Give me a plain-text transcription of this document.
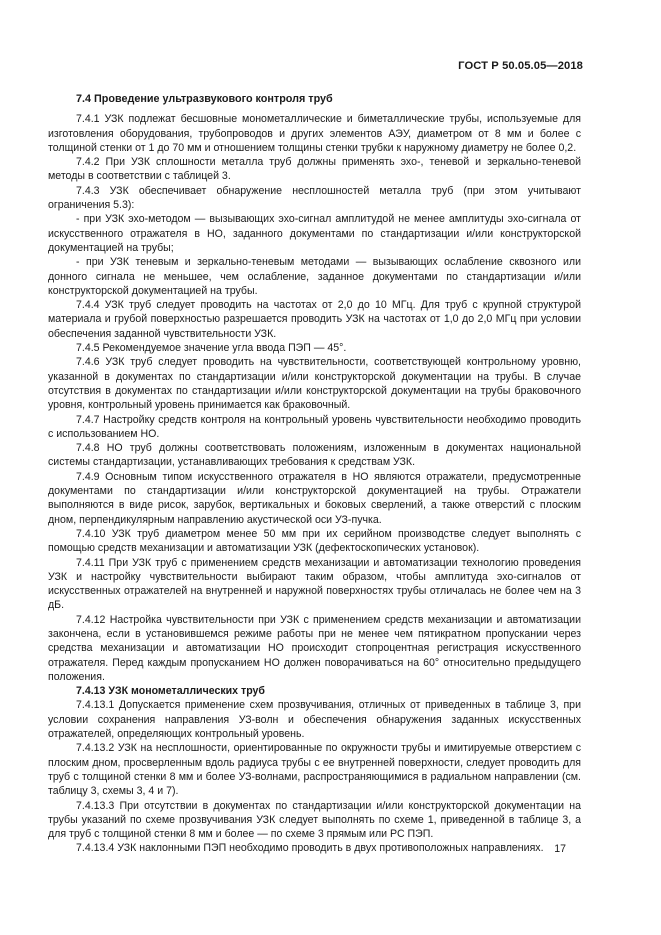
ГОСТ Р 50.05.05—2018
7.4 Проведение ультразвукового контроля труб

7.4.1 УЗК подлежат бесшовные монометаллические и биметаллические трубы, используемые для изготовления оборудования, трубопроводов и других элементов АЭУ, диаметром от 8 мм и более с толщиной стенки от 1 до 70 мм и отношением толщины стенки трубки к наружному диаметру не более 0,2.

7.4.2 При УЗК сплошности металла труб должны применять эхо-, теневой и зеркально-теневой методы в соответствии с таблицей 3.

7.4.3 УЗК обеспечивает обнаружение несплошностей металла труб (при этом учитывают ограничения 5.3):

- при УЗК эхо-методом — вызывающих эхо-сигнал амплитудой не менее амплитуды эхо-сигнала от искусственного отражателя в НО, заданного документами по стандартизации и/или конструкторской документацией на трубы;

- при УЗК теневым и зеркально-теневым методами — вызывающих ослабление сквозного или донного сигнала не меньшее, чем ослабление, заданное документами по стандартизации и/или конструкторской документацией на трубы.

7.4.4 УЗК труб следует проводить на частотах от 2,0 до 10 МГц. Для труб с крупной структурой материала и грубой поверхностью разрешается проводить УЗК на частотах от 1,0 до 2,0 МГц при условии обеспечения заданной чувствительности УЗК.

7.4.5 Рекомендуемое значение угла ввода ПЭП — 45°.

7.4.6 УЗК труб следует проводить на чувствительности, соответствующей контрольному уровню, указанной в документах по стандартизации и/или конструкторской документации на трубы. В случае отсутствия в документах по стандартизации и/или конструкторской документации на трубы браковочного уровня, контрольный уровень принимается как браковочный.

7.4.7 Настройку средств контроля на контрольный уровень чувствительности необходимо проводить с использованием НО.

7.4.8 НО труб должны соответствовать положениям, изложенным в документах национальной системы стандартизации, устанавливающих требования к средствам УЗК.

7.4.9 Основным типом искусственного отражателя в НО являются отражатели, предусмотренные документами по стандартизации и/или конструкторской документацией на трубы. Отражатели выполняются в виде рисок, зарубок, вертикальных и боковых сверлений, а также отверстий с плоским дном, перпендикулярным направлению акустической оси УЗ-пучка.

7.4.10 УЗК труб диаметром менее 50 мм при их серийном производстве следует выполнять с помощью средств механизации и автоматизации УЗК (дефектоскопических установок).

7.4.11 При УЗК труб с применением средств механизации и автоматизации технологию проведения УЗК и настройку чувствительности выбирают таким образом, чтобы амплитуда эхо-сигналов от искусственных отражателей на внутренней и наружной поверхностях трубы отличалась не более чем на 3 дБ.

7.4.12 Настройка чувствительности при УЗК с применением средств механизации и автоматизации закончена, если в установившемся режиме работы при не менее чем пятикратном пропускании через средства механизации и автоматизации НО происходит стопроцентная регистрация искусственного отражателя. Перед каждым пропусканием НО должен поворачиваться на 60° относительно предыдущего положения.

7.4.13 УЗК монометаллических труб

7.4.13.1 Допускается применение схем прозвучивания, отличных от приведенных в таблице 3, при условии сохранения направления УЗ-волн и обеспечения обнаружения заданных искусственных отражателей, определяющих контрольный уровень.

7.4.13.2 УЗК на несплошности, ориентированные по окружности трубы и имитируемые отверстием с плоским дном, просверленным вдоль радиуса трубы с ее внутренней поверхности, следует проводить для труб с толщиной стенки 8 мм и более УЗ-волнами, распространяющимися в радиальном направлении (см. таблицу 3, схемы 3, 4 и 7).

7.4.13.3 При отсутствии в документах по стандартизации и/или конструкторской документации на трубы указаний по схеме прозвучивания УЗК следует выполнять по схеме 1, приведенной в таблице 3, а для труб с толщиной стенки 8 мм и более — по схеме 3 прямым или РС ПЭП.

7.4.13.4 УЗК наклонными ПЭП необходимо проводить в двух противоположных направлениях.	17
